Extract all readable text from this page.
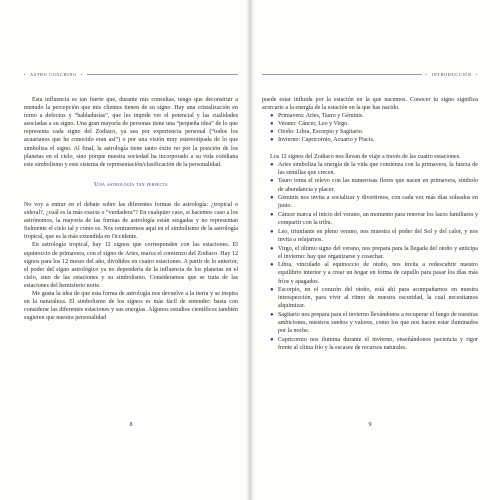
• ASTRO COACHING •

Esta influencia es tan fuerte que, durante mis consultas, tengo que deconstruir a menudo la percepción que mis clientes tienen de su signo. Hay una cristalización en torno a defectos y “habladurías”, que les impide ver el potencial y las cualidades asociadas a su signo. Una gran mayoría de personas tiene una “pequeña idea” de lo que representa cada signo del Zodiaco, ya sea por experiencia personal (“todos los acuarianos que he conocido eran así”) o por una visión muy estereotipada de lo que simboliza el signo. Al final, la astrología tiene tanto éxito no por la posición de los planetas en el cielo, sino porque nuestra sociedad ha incorporado a su vida cotidiana este simbolismo y este sistema de representación/clasificación de la personalidad.

Una astrología tan perfecta

No voy a entrar en el debate sobre las diferentes formas de astrología: ¿tropical o sideral?, ¿cuál es la más exacta o “verdadera”? En cualquier caso, si hacemos caso a los astrónomos, la mayoría de las formas de astrología están sesgadas y no representan fielmente el cielo tal y como es. Nos centraremos aquí en el simbolismo de la astrología tropical, que es la más extendida en Occidente.

En astrología tropical, hay 12 signos que corresponden con las estaciones. El equinoccio de primavera, con el signo de Aries, marca el comienzo del Zodiaco. Hay 12 signos para los 12 meses del año, divididos en cuatro estaciones. A partir de lo anterior, el poder del signo astrológico ya no dependería de la influencia de los planetas en el cielo, sino de las estaciones y su simbolismo. Consideramos que se trata de las estaciones del hemisferio norte.

Me gusta la idea de que esta forma de astrología nos devuelve a la tierra y se inspira en la naturaleza. El simbolismo de los signos es más fácil de entender: basta con considerar las diferentes estaciones y sus energías. Algunos estudios científicos también sugieren que nuestra personalidad

8
• INTRODUCCIÓN •

puede estar influida por la estación en la que nacemos. Conocer tu signo significa acercarte a la energía de la estación en la que has nacido.

● Primavera: Aries, Tauro y Géminis.
● Verano: Cáncer, Leo y Virgo.
● Otoño: Libra, Escorpio y Sagitario.
● Invierno: Capricornio, Acuario y Piscis.

Los 12 signos del Zodiaco nos llevan de viaje a través de las cuatro estaciones.

● Aries simboliza la energía de la vida que comienza con la primavera, la fuerza de las semillas que crecen.
● Tauro toma el relevo con las numerosas flores que nacen en primavera, símbolo de abundancia y placer.
● Géminis nos invita a socializar y divertirnos, con cada vez más días soleados en junio.
● Cáncer marca el inicio del verano, un momento para renovar los lazos familiares y compartir con la tribu.
● Leo, triunfante en pleno verano, nos muestra el poder del Sol y del calor, y nos invita a relajarnos.
● Virgo, el último signo del verano, nos prepara para la llegada del otoño y anticipa el invierno: hay que organizarse y cosechar.
● Libra, vinculado al equinoccio de otoño, nos invita a redescubrir nuestro equilibrio interior y a crear un hogar en forma de capullo para pasar los días más fríos y apagados.
● Escorpio, en el corazón del otoño, está ahí para acompañarnos en nuestra introspección, para vivir al ritmo de nuestra oscuridad, la cual necesitamos alquimizar.
● Sagitario nos prepara para el invierno llevándonos a recuperar el fuego de nuestras ambiciones, nuestros sueños y valores, como los que nos hacen estar iluminados por la noche.
● Capricornio nos ilumina durante el invierno, enseñándonos paciencia y rigor frente al clima frío y la escasez de recursos naturales.
9
